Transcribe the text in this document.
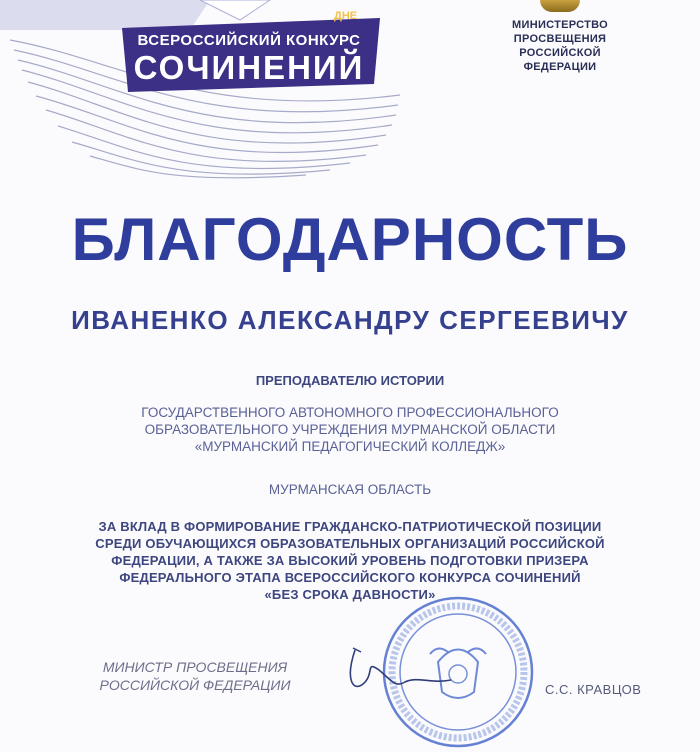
ДНЕ
ВСЕРОССИЙСКИЙ КОНКУРС
СОЧИНЕНИЙ
МИНИСТЕРСТВО
ПРОСВЕЩЕНИЯ
РОССИЙСКОЙ
ФЕДЕРАЦИИ
БЛАГОДАРНОСТЬ
ИВАНЕНКО АЛЕКСАНДРУ СЕРГЕЕВИЧУ
ПРЕПОДАВАТЕЛЮ ИСТОРИИ
ГОСУДАРСТВЕННОГО АВТОНОМНОГО ПРОФЕССИОНАЛЬНОГО
ОБРАЗОВАТЕЛЬНОГО УЧРЕЖДЕНИЯ МУРМАНСКОЙ ОБЛАСТИ
«МУРМАНСКИЙ ПЕДАГОГИЧЕСКИЙ КОЛЛЕДЖ»
МУРМАНСКАЯ ОБЛАСТЬ
ЗА ВКЛАД В ФОРМИРОВАНИЕ ГРАЖДАНСКО-ПАТРИОТИЧЕСКОЙ ПОЗИЦИИ
СРЕДИ ОБУЧАЮЩИХСЯ ОБРАЗОВАТЕЛЬНЫХ ОРГАНИЗАЦИЙ РОССИЙСКОЙ
ФЕДЕРАЦИИ, А ТАКЖЕ ЗА ВЫСОКИЙ УРОВЕНЬ ПОДГОТОВКИ ПРИЗЕРА
ФЕДЕРАЛЬНОГО ЭТАПА ВСЕРОССИЙСКОГО КОНКУРСА СОЧИНЕНИЙ
«БЕЗ СРОКА ДАВНОСТИ»
МИНИСТР ПРОСВЕЩЕНИЯ
РОССИЙСКОЙ ФЕДЕРАЦИИ	С.С. КРАВЦОВ
